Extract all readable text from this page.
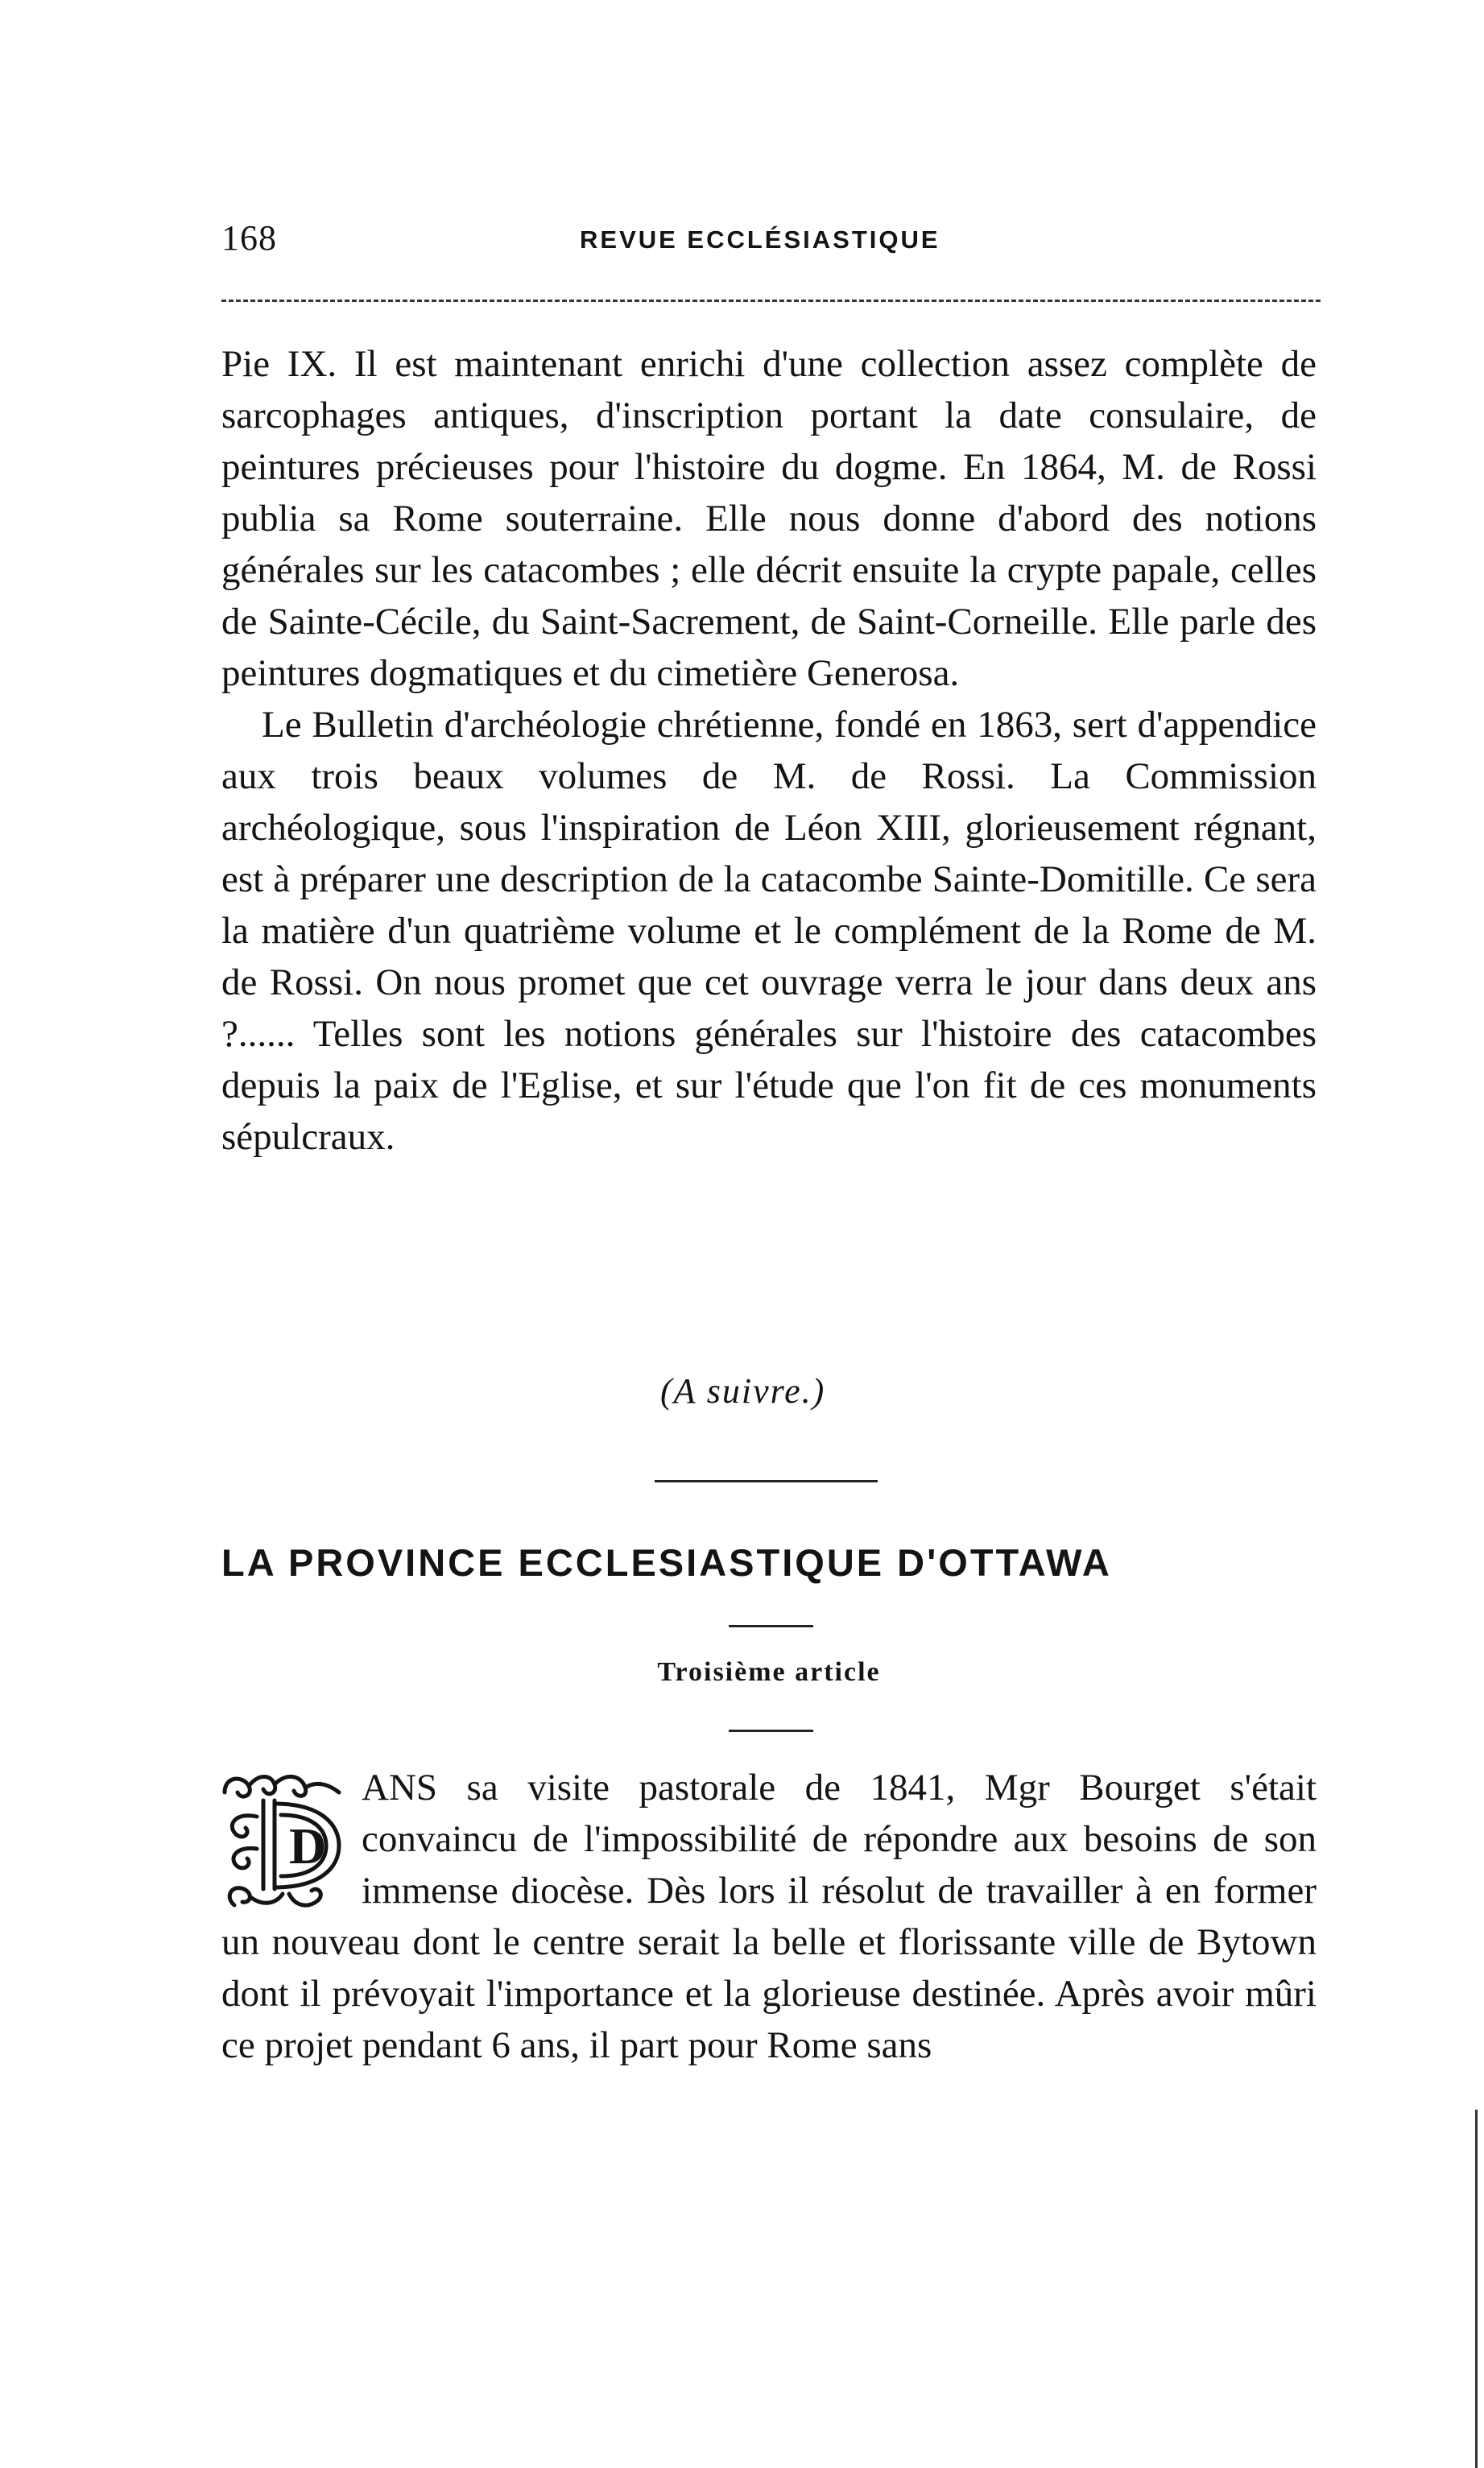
168	REVUE ECCLÉSIASTIQUE

Pie IX. Il est maintenant enrichi d'une collection assez complète de sarcophages antiques, d'inscription portant la date consulaire, de peintures précieuses pour l'histoire du dogme. En 1864, M. de Rossi publia sa Rome souterraine. Elle nous donne d'abord des notions générales sur les catacombes ; elle décrit ensuite la crypte papale, celles de Sainte-Cécile, du Saint-Sacrement, de Saint-Corneille. Elle parle des peintures dogmatiques et du cimetière Generosa.

Le Bulletin d'archéologie chrétienne, fondé en 1863, sert d'appendice aux trois beaux volumes de M. de Rossi. La Commission archéologique, sous l'inspiration de Léon XIII, glorieusement régnant, est à préparer une description de la catacombe Sainte-Domitille. Ce sera la matière d'un quatrième volume et le complément de la Rome de M. de Rossi. On nous promet que cet ouvrage verra le jour dans deux ans ?...... Telles sont les notions générales sur l'histoire des catacombes depuis la paix de l'Eglise, et sur l'étude que l'on fit de ces monuments sépulcraux.

(A suivre.)
LA PROVINCE ECCLESIASTIQUE D'OTTAWA
Troisième article
D

ANS sa visite pastorale de 1841, Mgr Bourget s'était convaincu de l'impossibilité de répondre aux besoins de son immense diocèse. Dès lors il résolut de travailler à en former un nouveau dont le centre serait la belle et florissante ville de Bytown dont il prévoyait l'importance et la glorieuse destinée. Après avoir mûri ce projet pendant 6 ans, il part pour Rome sans
